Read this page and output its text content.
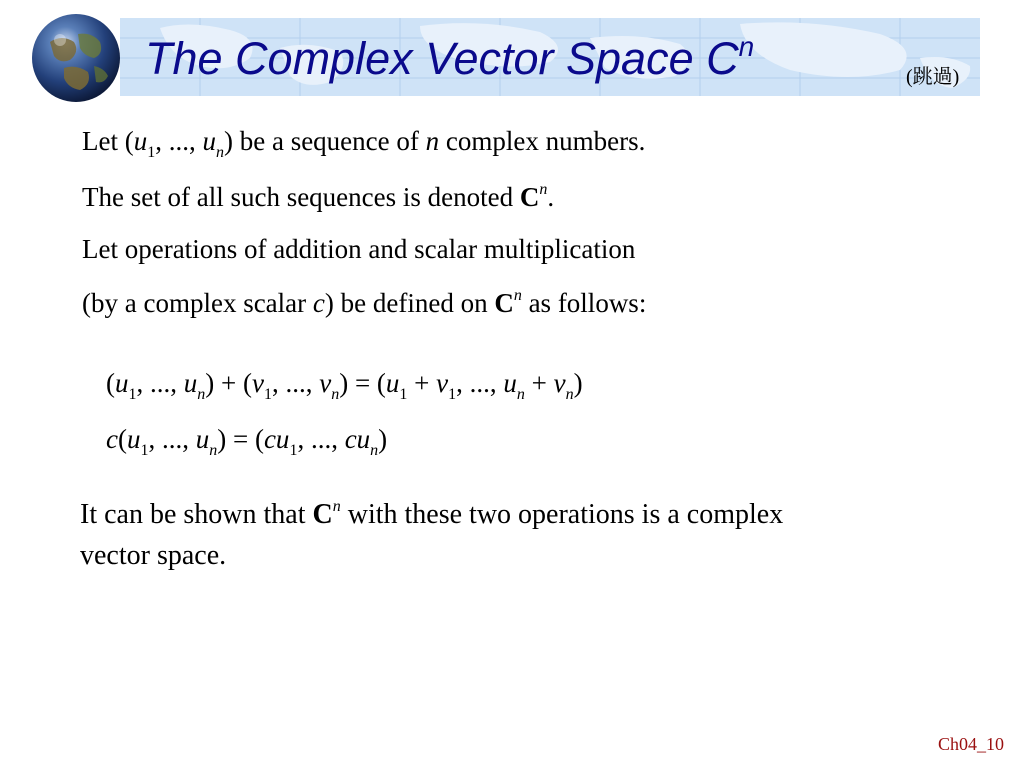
The Complex Vector Space $C^n$
(跳過)
Let ($u_1$, ..., $u_n$) be a sequence of n complex numbers.
The set of all such sequences is denoted $C^n$.
Let operations of addition and scalar multiplication
(by a complex scalar c) be defined on $C^n$ as follows:
($u_1$, ..., $u_n) + (v_1$, ..., $v_n) = (u_1 + v_1$, ..., $u_n + v_n$)
$c(u_1$, ..., $u_n) = (cu_1$, ..., $cu_n$)
It can be shown that $C^n$ with these two operations is a complex vector space.
Ch04_10
